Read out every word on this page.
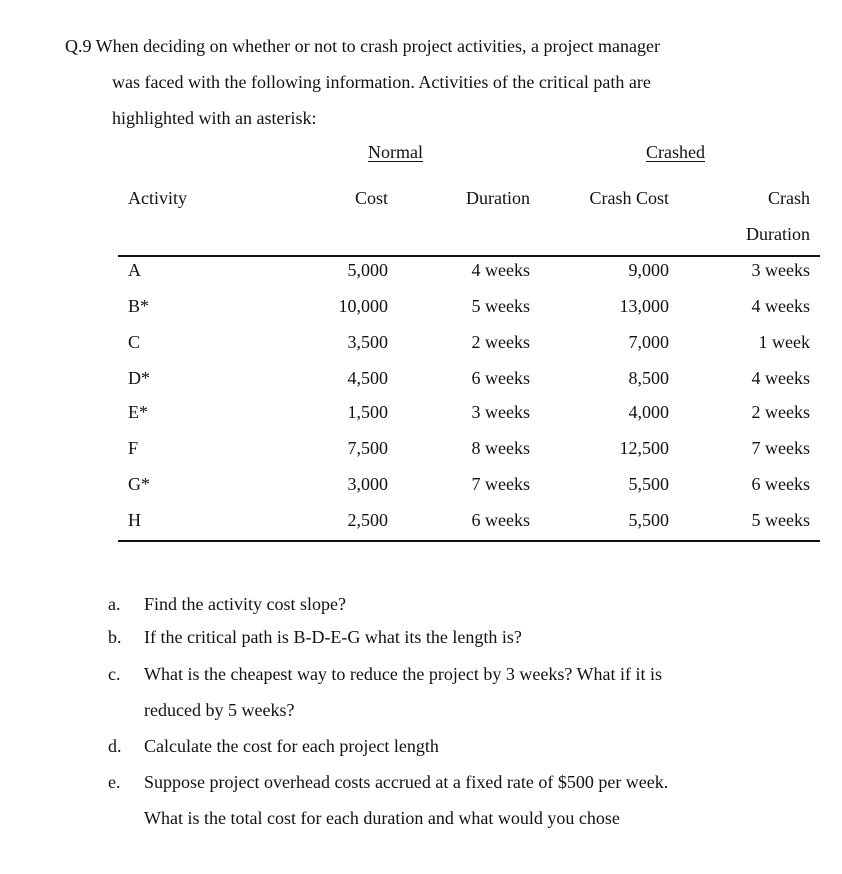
Q.9 When deciding on whether or not to crash project activities, a project manager
was faced with the following information. Activities of the critical path are
highlighted with an asterisk:
Normal	Crashed
Activity	Cost	Duration	Crash Cost	Crash
Duration
A	5,000	4 weeks	9,000	3 weeks
B*	10,000	5 weeks	13,000	4 weeks
C	3,500	2 weeks	7,000	1 week
D*	4,500	6 weeks	8,500	4 weeks
E*	1,500	3 weeks	4,000	2 weeks
F	7,500	8 weeks	12,500	7 weeks
G*	3,000	7 weeks	5,500	6 weeks
H	2,500	6 weeks	5,500	5 weeks
a.	Find the activity cost slope?
b.	If the critical path is B-D-E-G what its the length is?
c.	What is the cheapest way to reduce the project by 3 weeks? What if it is
reduced by 5 weeks?
d.	Calculate the cost for each project length
e.	Suppose project overhead costs accrued at a fixed rate of $500 per week.
What is the total cost for each duration and what would you chose
